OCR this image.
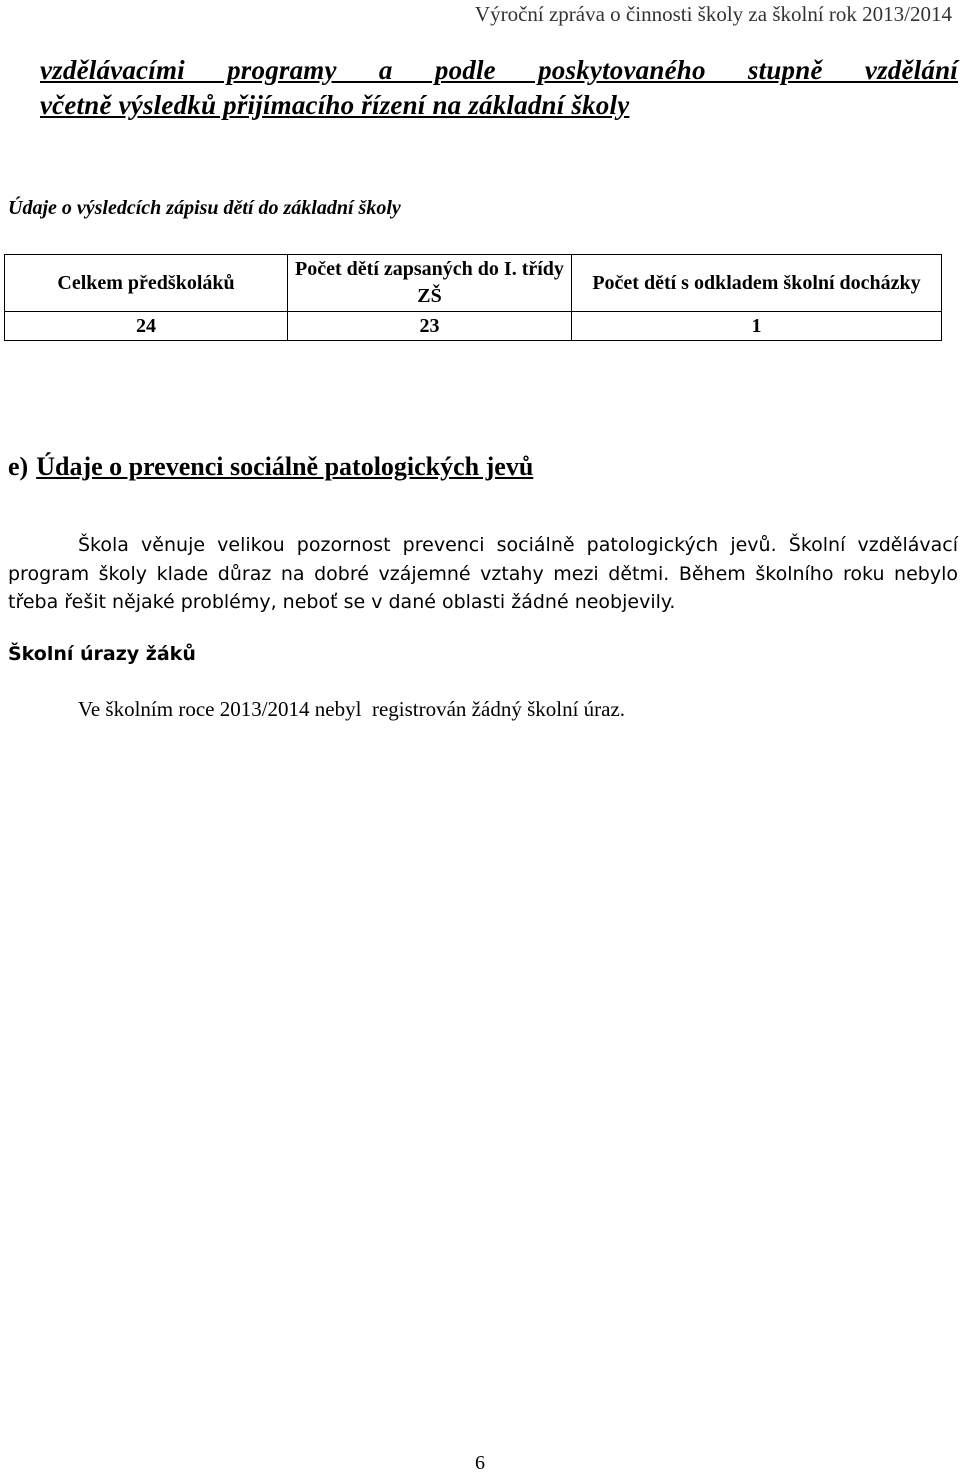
Výroční zpráva o činnosti školy za školní rok 2013/2014
vzdělávacími programy a podle poskytovaného stupně vzdělání
včetně výsledků přijímacího řízení na základní školy
Údaje o výsledcích zápisu dětí do základní školy
Celkem předškoláků	Počet dětí zapsaných do I. třídy ZŠ	Počet dětí s odkladem školní docházky
24	23	1
e) Údaje o prevenci sociálně patologických jevů
Škola věnuje velikou pozornost prevenci sociálně patologických jevů. Školní vzdělávací
program školy klade důraz na dobré vzájemné vztahy mezi dětmi. Během školního roku nebylo
třeba řešit nějaké problémy, neboť se v dané oblasti žádné neobjevily.
Školní úrazy žáků
Ve školním roce 2013/2014 nebyl  registrován žádný školní úraz.
6
